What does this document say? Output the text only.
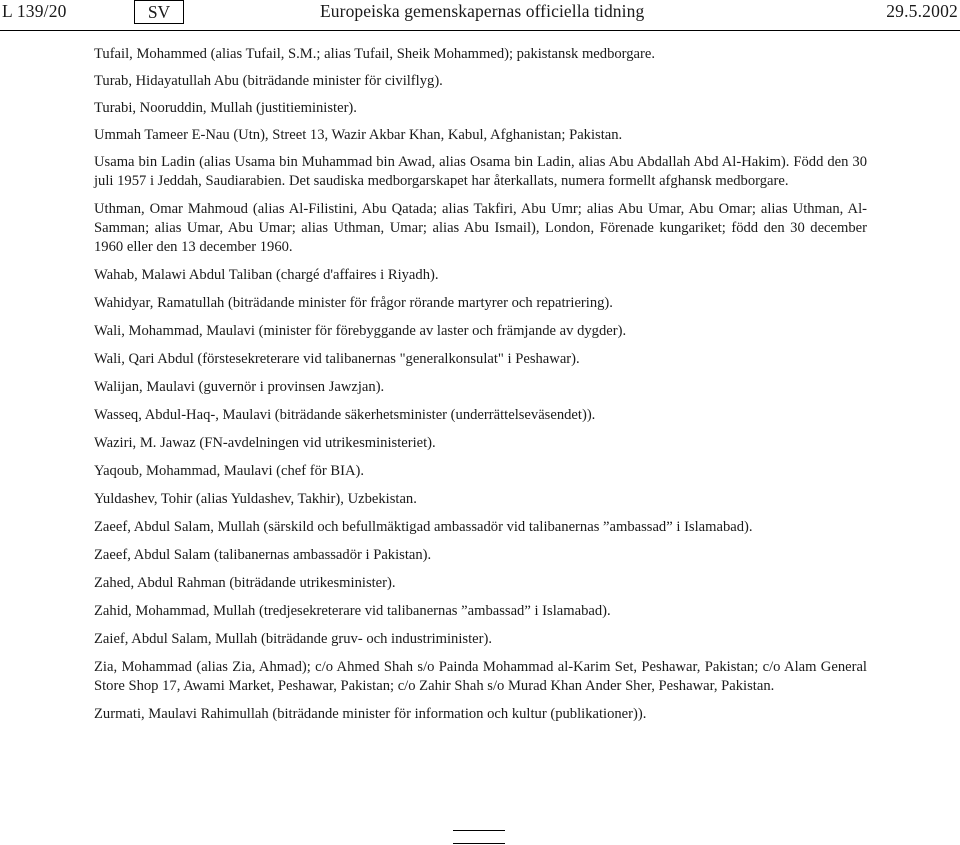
L 139/20	SV	Europeiska gemenskapernas officiella tidning	29.5.2002

Tufail, Mohammed (alias Tufail, S.M.; alias Tufail, Sheik Mohammed); pakistansk medborgare.

Turab, Hidayatullah Abu (biträdande minister för civilflyg).

Turabi, Nooruddin, Mullah (justitieminister).

Ummah Tameer E-Nau (Utn), Street 13, Wazir Akbar Khan, Kabul, Afghanistan; Pakistan.

Usama bin Ladin (alias Usama bin Muhammad bin Awad, alias Osama bin Ladin, alias Abu Abdallah Abd Al-Hakim). Född den 30 juli 1957 i Jeddah, Saudiarabien. Det saudiska medborgarskapet har återkallats, numera formellt afghansk medborgare.

Uthman, Omar Mahmoud (alias Al-Filistini, Abu Qatada; alias Takfiri, Abu Umr; alias Abu Umar, Abu Omar; alias Uthman, Al-Samman; alias Umar, Abu Umar; alias Uthman, Umar; alias Abu Ismail), London, Förenade kungariket; född den 30 december 1960 eller den 13 december 1960.

Wahab, Malawi Abdul Taliban (chargé d'affaires i Riyadh).

Wahidyar, Ramatullah (biträdande minister för frågor rörande martyrer och repatriering).

Wali, Mohammad, Maulavi (minister för förebyggande av laster och främjande av dygder).

Wali, Qari Abdul (förstesekreterare vid talibanernas "generalkonsulat" i Peshawar).

Walijan, Maulavi (guvernör i provinsen Jawzjan).

Wasseq, Abdul-Haq-, Maulavi (biträdande säkerhetsminister (underrättelseväsendet)).

Waziri, M. Jawaz (FN-avdelningen vid utrikesministeriet).

Yaqoub, Mohammad, Maulavi (chef för BIA).

Yuldashev, Tohir (alias Yuldashev, Takhir), Uzbekistan.

Zaeef, Abdul Salam, Mullah (särskild och befullmäktigad ambassadör vid talibanernas ”ambassad” i Islamabad).

Zaeef, Abdul Salam (talibanernas ambassadör i Pakistan).

Zahed, Abdul Rahman (biträdande utrikesminister).

Zahid, Mohammad, Mullah (tredjesekreterare vid talibanernas ”ambassad” i Islamabad).

Zaief, Abdul Salam, Mullah (biträdande gruv- och industriminister).

Zia, Mohammad (alias Zia, Ahmad); c/o Ahmed Shah s/o Painda Mohammad al-Karim Set, Peshawar, Pakistan; c/o Alam General Store Shop 17, Awami Market, Peshawar, Pakistan; c/o Zahir Shah s/o Murad Khan Ander Sher, Peshawar, Pakistan.

Zurmati, Maulavi Rahimullah (biträdande minister för information och kultur (publikationer)).
